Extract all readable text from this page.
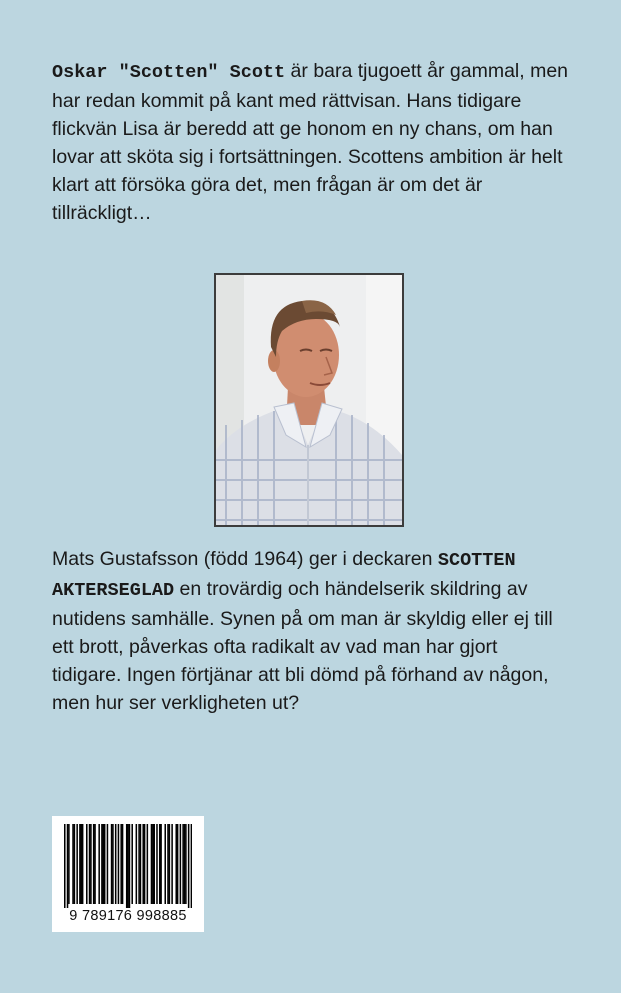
Oskar "Scotten" Scott är bara tjugoett år gammal, men har redan kommit på kant med rättvisan. Hans tidigare flickvän Lisa är beredd att ge honom en ny chans, om han lovar att sköta sig i fortsättningen. Scottens ambition är helt klart att försöka göra det, men frågan är om det är tillräckligt…

Mats Gustafsson (född 1964) ger i deckaren SCOTTEN AKTERSEGLAD en trovärdig och händelserik skildring av nutidens samhälle. Synen på om man är skyldig eller ej till ett brott, påverkas ofta radikalt av vad man har gjort tidigare. Ingen förtjänar att bli dömd på förhand av någon, men hur ser verkligheten ut?

9 789176 998885
